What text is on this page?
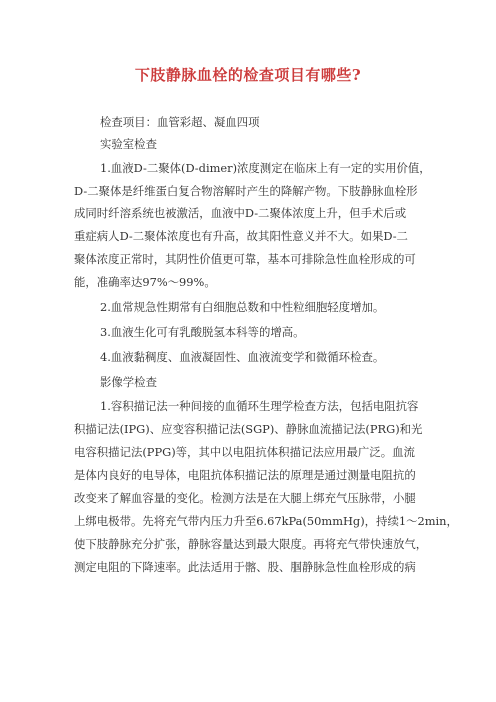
下肢静脉血栓的检查项目有哪些?
检查项目：血管彩超、凝血四项
实验室检查
1.血液D-二聚体(D-dimer)浓度测定在临床上有一定的实用价值，
D-二聚体是纤维蛋白复合物溶解时产生的降解产物。下肢静脉血栓形
成同时纤溶系统也被激活，血液中D-二聚体浓度上升，但手术后或
重症病人D-二聚体浓度也有升高，故其阳性意义并不大。如果D-二
聚体浓度正常时，其阴性价值更可靠，基本可排除急性血栓形成的可
能，准确率达97%～99%。
2.血常规急性期常有白细胞总数和中性粒细胞轻度增加。
3.血液生化可有乳酸脱氢本科等的增高。
4.血液黏稠度、血液凝固性、血液流变学和微循环检查。
影像学检查
1.容积描记法一种间接的血循环生理学检查方法，包括电阻抗容
积描记法(IPG)、应变容积描记法(SGP)、静脉血流描记法(PRG)和光
电容积描记法(PPG)等，其中以电阻抗体积描记法应用最广泛。血流
是体内良好的电导体，电阻抗体积描记法的原理是通过测量电阻抗的
改变来了解血容量的变化。检测方法是在大腿上绑充气压脉带，小腿
上绑电极带。先将充气带内压力升至6.67kPa(50mmHg)，持续1～2min，
使下肢静脉充分扩张，静脉容量达到最大限度。再将充气带快速放气，
测定电阻的下降速率。此法适用于髂、股、腘静脉急性血栓形成的病
